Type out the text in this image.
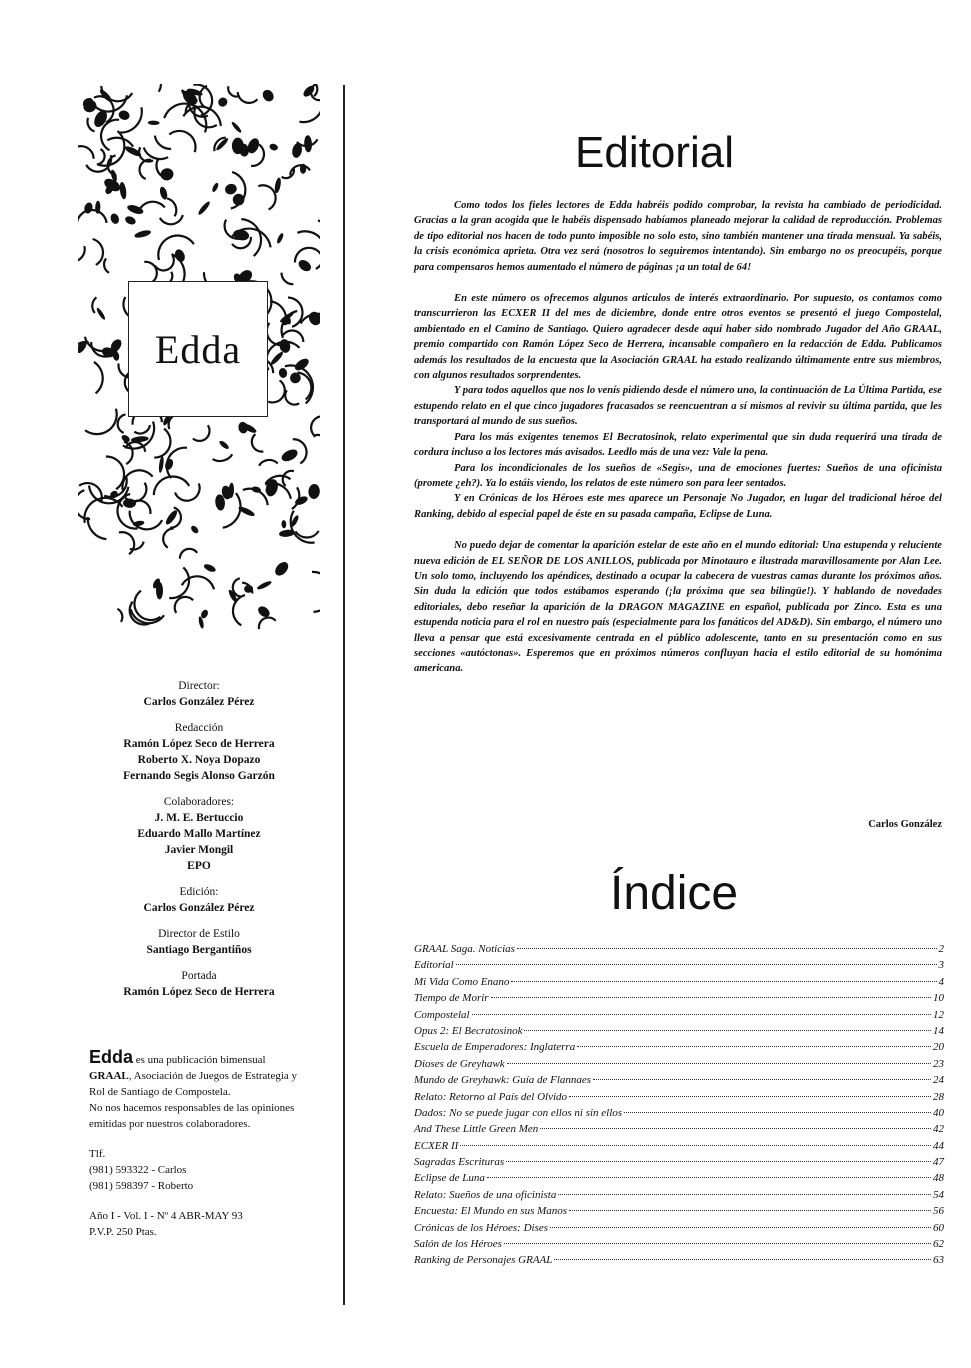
Edda
Director:
Carlos González Pérez
Redacción
Ramón López Seco de Herrera
Roberto X. Noya Dopazo
Fernando Segis Alonso Garzón
Colaboradores:
J. M. E. Bertuccio
Eduardo Mallo Martínez
Javier Mongil
EPO
Edición:
Carlos González Pérez
Director de Estilo
Santiago Bergantiños
Portada
Ramón López Seco de Herrera
Edda es una publicación bimensual GRAAL, Asociación de Juegos de Estrategia y Rol de Santiago de Compostela.
No nos hacemos responsables de las opiniones emitidas por nuestros colaboradores.
Tlf.
(981) 593322 - Carlos
(981) 598397 - Roberto
Año I - Vol. I - Nº 4 ABR-MAY 93
P.V.P. 250 Ptas.
Editorial

Como todos los fieles lectores de Edda habréis podido comprobar, la revista ha cambiado de periodicidad. Gracias a la gran acogida que le habéis dispensado habíamos planeado mejorar la calidad de reproducción. Problemas de tipo editorial nos hacen de todo punto imposible no solo esto, sino también mantener una tirada mensual. Ya sabéis, la crisis económica aprieta. Otra vez será (nosotros lo seguiremos intentando). Sin embargo no os preocupéis, porque para compensaros hemos aumentado el número de páginas ¡a un total de 64!

En este número os ofrecemos algunos artículos de interés extraordinario. Por supuesto, os contamos como transcurrieron las ECXER II del mes de diciembre, donde entre otros eventos se presentó el juego Compostelal, ambientado en el Camino de Santiago. Quiero agradecer desde aquí haber sido nombrado Jugador del Año GRAAL, premio compartido con Ramón López Seco de Herrera, incansable compañero en la redacción de Edda. Publicamos además los resultados de la encuesta que la Asociación GRAAL ha estado realizando últimamente entre sus miembros, con algunos resultados sorprendentes.

Y para todos aquellos que nos lo venís pidiendo desde el número uno, la continuación de La Última Partida, ese estupendo relato en el que cinco jugadores fracasados se reencuentran a sí mismos al revivir su última partida, que les transportará al mundo de sus sueños.

Para los más exigentes tenemos El Becratosinok, relato experimental que sin duda requerirá una tirada de cordura incluso a los lectores más avisados. Leedlo más de una vez: Vale la pena.

Para los incondicionales de los sueños de «Segis», una de emociones fuertes: Sueños de una oficinista (promete ¿eh?). Ya lo estáis viendo, los relatos de este número son para leer sentados.

Y en Crónicas de los Héroes este mes aparece un Personaje No Jugador, en lugar del tradicional héroe del Ranking, debido al especial papel de éste en su pasada campaña, Eclipse de Luna.

No puedo dejar de comentar la aparición estelar de este año en el mundo editorial: Una estupenda y reluciente nueva edición de EL SEÑOR DE LOS ANILLOS, publicada por Minotauro e ilustrada maravillosamente por Alan Lee. Un solo tomo, incluyendo los apéndices, destinado a ocupar la cabecera de vuestras camas durante los próximos años. Sin duda la edición que todos estábamos esperando (¡la próxima que sea bilingüe!). Y hablando de novedades editoriales, debo reseñar la aparición de la DRAGON MAGAZINE en español, publicada por Zinco. Esta es una estupenda noticia para el rol en nuestro país (especialmente para los fanáticos del AD&D). Sin embargo, el número uno lleva a pensar que está excesivamente centrada en el público adolescente, tanto en su presentación como en sus secciones «autóctonas». Esperemos que en próximos números confluyan hacia el estilo editorial de su homónima americana.

Carlos González
Índice
GRAAL Saga. Noticias	2
Editorial	3
Mi Vida Como Enano	4
Tiempo de Morir	10
Compostelal	12
Opus 2: El Becratosinok	14
Escuela de Emperadores: Inglaterra	20
Dioses de Greyhawk	23
Mundo de Greyhawk: Guía de Flannaes	24
Relato: Retorno al País del Olvido	28
Dados: No se puede jugar con ellos ni sin ellos	40
And These Little Green Men	42
ECXER II	44
Sagradas Escrituras	47
Eclipse de Luna	48
Relato: Sueños de una oficinista	54
Encuesta: El Mundo en sus Manos	56
Crónicas de los Héroes: Dises	60
Salón de los Héroes	62
Ranking de Personajes GRAAL	63
